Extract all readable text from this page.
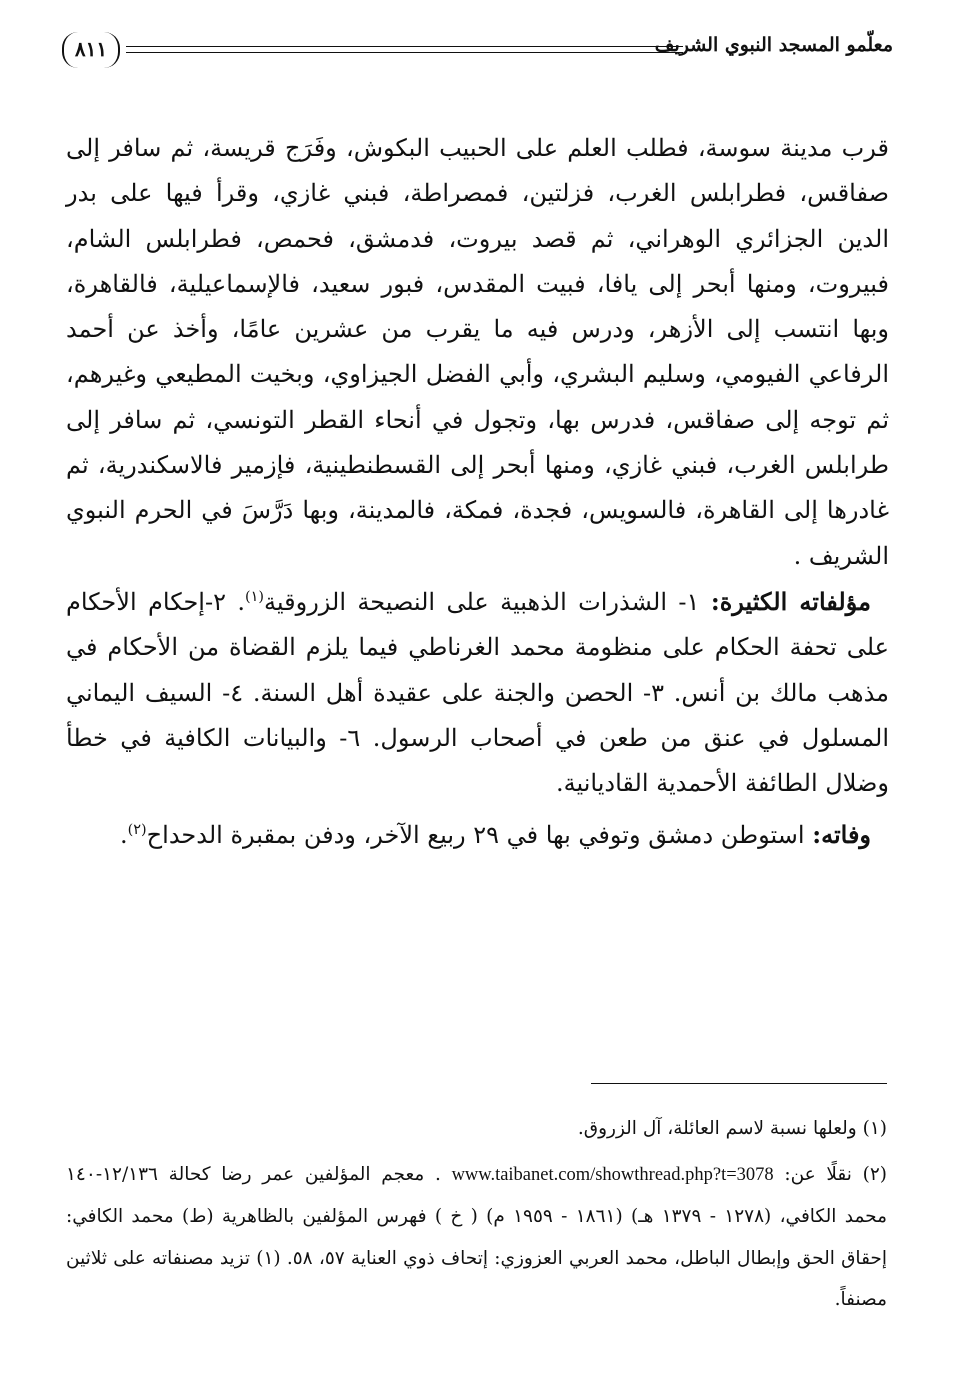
٨١١	معلّمو المسجد النبوي الشريف

قرب مدينة سوسة، فطلب العلم على الحبيب البكوش، وفَرَج قريسة، ثم سافر إلى صفاقس، فطرابلس الغرب، فزلتين، فمصراطة، فبني غازي، وقرأ فيها على بدر الدين الجزائري الوهراني، ثم قصد بيروت، فدمشق، فحمص، فطرابلس الشام، فبيروت، ومنها أبحر إلى يافا، فبيت المقدس، فبور سعيد، فالإسماعيلية، فالقاهرة، وبها انتسب إلى الأزهر، ودرس فيه ما يقرب من عشرين عامًا، وأخذ عن أحمد الرفاعي الفيومي، وسليم البشري، وأبي الفضل الجيزاوي، وبخيت المطيعي وغيرهم، ثم توجه إلى صفاقس، فدرس بها، وتجول في أنحاء القطر التونسي، ثم سافر إلى طرابلس الغرب، فبني غازي، ومنها أبحر إلى القسطنطينية، فإزمير فالاسكندرية، ثم غادرها إلى القاهرة، فالسويس، فجدة، فمكة، فالمدينة، وبها دَرَّسَ في الحرم النبوي الشريف .

مؤلفاته الكثيرة: ١- الشذرات الذهبية على النصيحة الزروقية$^{(١)}$. ٢-إحكام الأحكام على تحفة الحكام على منظومة محمد الغرناطي فيما يلزم القضاة من الأحكام في مذهب مالك بن أنس. ٣- الحصن والجنة على عقيدة أهل السنة. ٤- السيف اليماني المسلول في عنق من طعن في أصحاب الرسول. ٦- والبيانات الكافية في خطأ وضلال الطائفة الأحمدية القاديانية.

وفاته: استوطن دمشق وتوفي بها في ٢٩ ربيع الآخر، ودفن بمقبرة الدحداح$^{(٢)}$.

(١) ولعلها نسبة لاسم العائلة، آل الزروق.

(٢) نقلًا عن: www.taibanet.com/showthread.php?t=3078 . معجم المؤلفين عمر رضا كحالة ١٢/١٣٦-١٤٠ محمد الكافي، (١٢٧٨ - ١٣٧٩ هـ) (١٨٦١ - ١٩٥٩ م) ( خ ) فهرس المؤلفين بالظاهرية (ط) محمد الكافي: إحقاق الحق وإبطال الباطل، محمد العربي العزوزي: إتحاف ذوي العناية ٥٧، ٥٨. (١) تزيد مصنفاته على ثلاثين مصنفاً.
